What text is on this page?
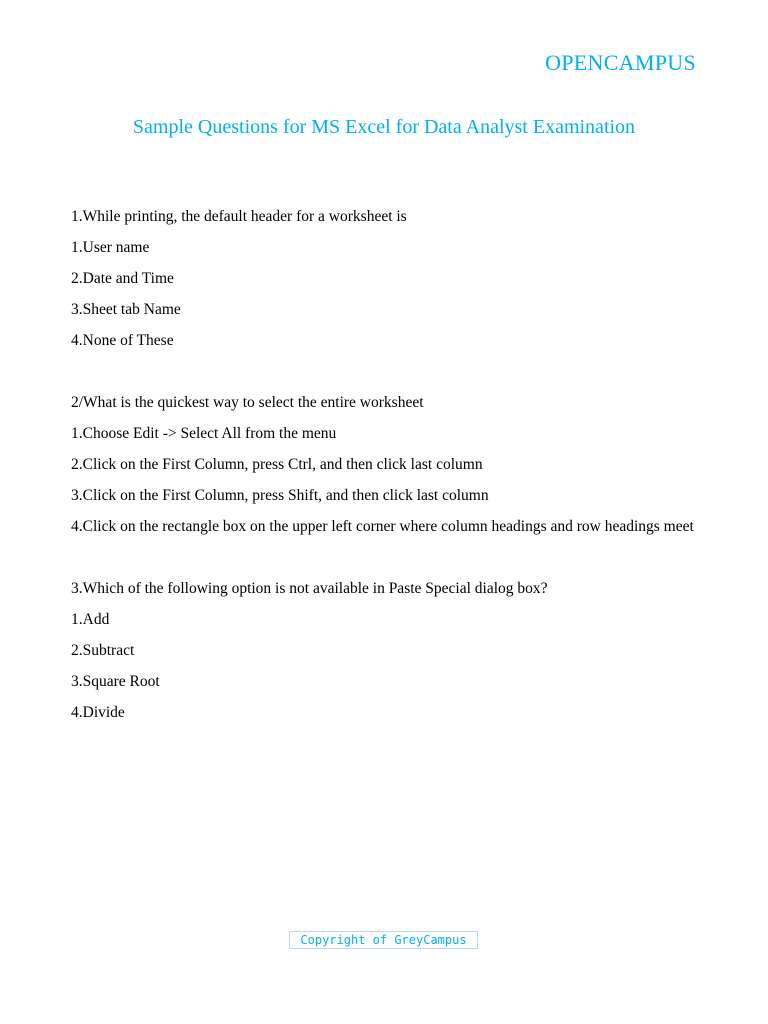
OPENCAMPUS
Sample Questions for MS Excel for Data Analyst Examination
1.While printing, the default header for a worksheet is
1.User name
2.Date and Time
3.Sheet tab Name
4.None of These
2/What is the quickest way to select the entire worksheet
1.Choose Edit -> Select All from the menu
2.Click on the First Column, press Ctrl, and then click last column
3.Click on the First Column, press Shift, and then click last column
4.Click on the rectangle box on the upper left corner where column headings and row headings meet
3.Which of the following option is not available in Paste Special dialog box?
1.Add
2.Subtract
3.Square Root
4.Divide
Copyright of GreyCampus
